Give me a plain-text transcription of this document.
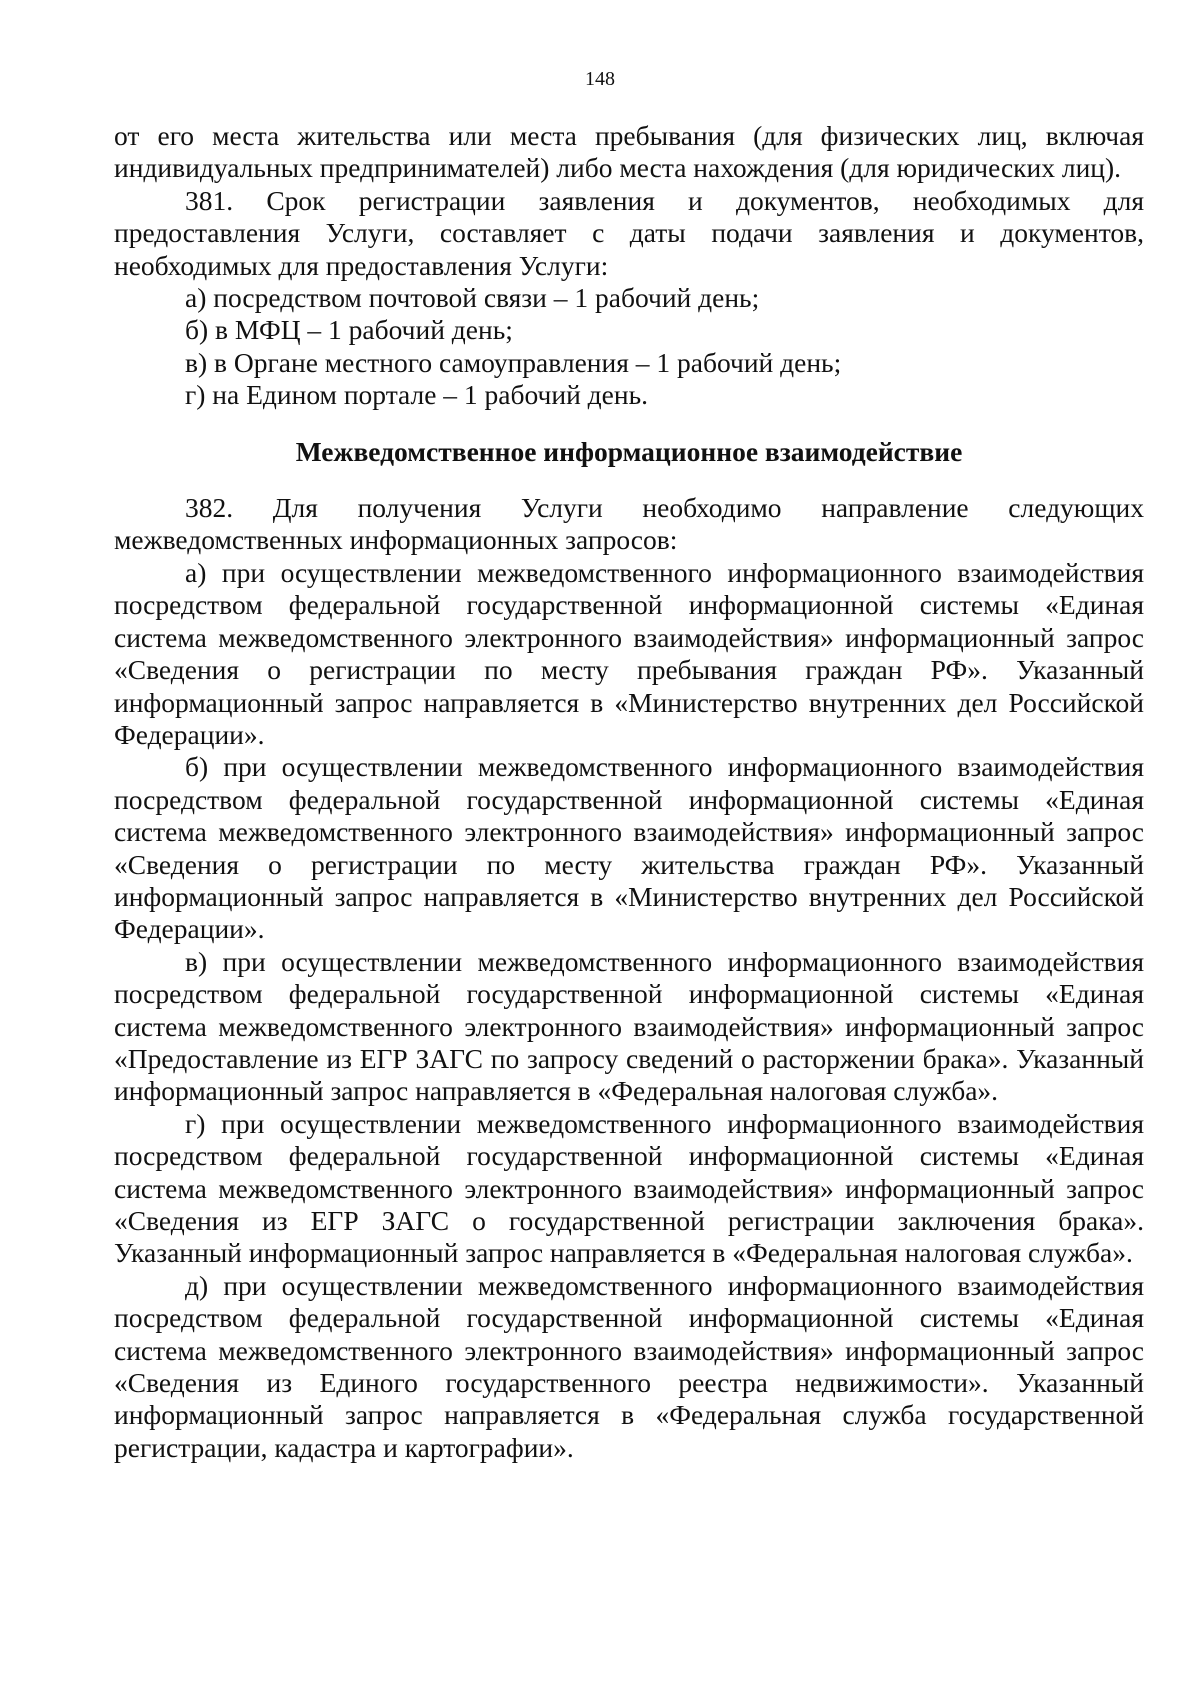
148

от его места жительства или места пребывания (для физических лиц, включая индивидуальных предпринимателей) либо места нахождения (для юридических лиц).

381. Срок регистрации заявления и документов, необходимых для предоставления Услуги, составляет с даты подачи заявления и документов, необходимых для предоставления Услуги:

а) посредством почтовой связи – 1 рабочий день;

б) в МФЦ – 1 рабочий день;

в) в Органе местного самоуправления – 1 рабочий день;

г) на Едином портале – 1 рабочий день.

Межведомственное информационное взаимодействие

382. Для получения Услуги необходимо направление следующих межведомственных информационных запросов:

а) при осуществлении межведомственного информационного взаимодействия посредством федеральной государственной информационной системы «Единая система межведомственного электронного взаимодействия» информационный запрос «Сведения о регистрации по месту пребывания граждан РФ». Указанный информационный запрос направляется в «Министерство внутренних дел Российской Федерации».

б) при осуществлении межведомственного информационного взаимодействия посредством федеральной государственной информационной системы «Единая система межведомственного электронного взаимодействия» информационный запрос «Сведения о регистрации по месту жительства граждан РФ». Указанный информационный запрос направляется в «Министерство внутренних дел Российской Федерации».

в) при осуществлении межведомственного информационного взаимодействия посредством федеральной государственной информационной системы «Единая система межведомственного электронного взаимодействия» информационный запрос «Предоставление из ЕГР ЗАГС по запросу сведений о расторжении брака». Указанный информационный запрос направляется в «Федеральная налоговая служба».

г) при осуществлении межведомственного информационного взаимодействия посредством федеральной государственной информационной системы «Единая система межведомственного электронного взаимодействия» информационный запрос «Сведения из ЕГР ЗАГС о государственной регистрации заключения брака». Указанный информационный запрос направляется в «Федеральная налоговая служба».

д) при осуществлении межведомственного информационного взаимодействия посредством федеральной государственной информационной системы «Единая система межведомственного электронного взаимодействия» информационный запрос «Сведения из Единого государственного реестра недвижимости». Указанный информационный запрос направляется в «Федеральная служба государственной регистрации, кадастра и картографии».
